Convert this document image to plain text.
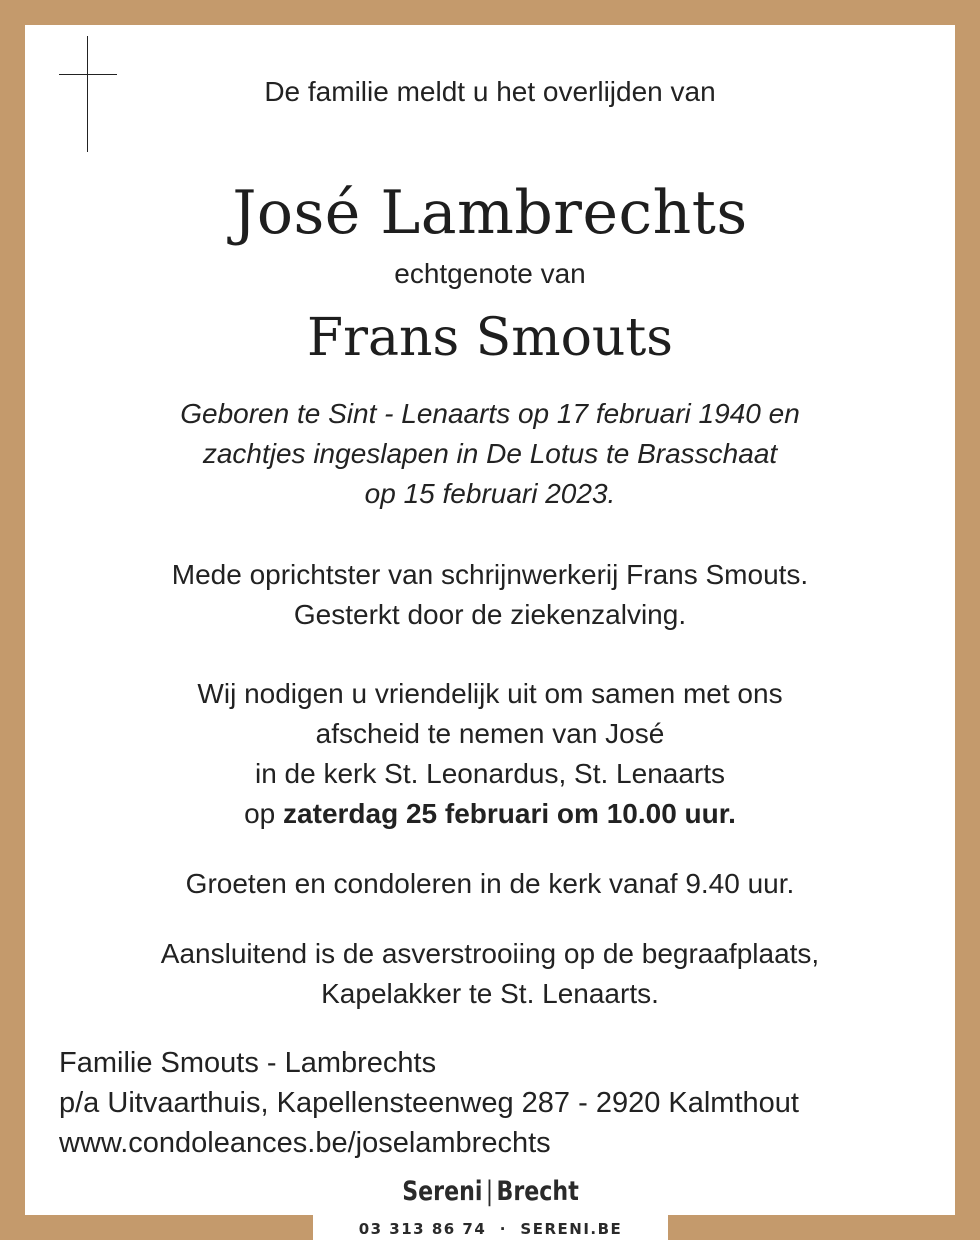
De familie meldt u het overlijden van
José Lambrechts
echtgenote van
Frans Smouts
Geboren te Sint - Lenaarts op 17 februari 1940 en
zachtjes ingeslapen in De Lotus te Brasschaat
op 15 februari 2023.
Mede oprichtster van schrijnwerkerij Frans Smouts.
Gesterkt door de ziekenzalving.
Wij nodigen u vriendelijk uit om samen met ons
afscheid te nemen van José
in de kerk St. Leonardus, St. Lenaarts
op zaterdag 25 februari om 10.00 uur.
Groeten en condoleren in de kerk vanaf 9.40 uur.
Aansluitend is de asverstrooiing op de begraafplaats,
Kapelakker te St. Lenaarts.
Familie Smouts - Lambrechts
p/a Uitvaarthuis, Kapellensteenweg 287 - 2920 Kalmthout
www.condoleances.be/joselambrechts
Sereni | Brecht
03 313 86 74 · SERENI.BE
